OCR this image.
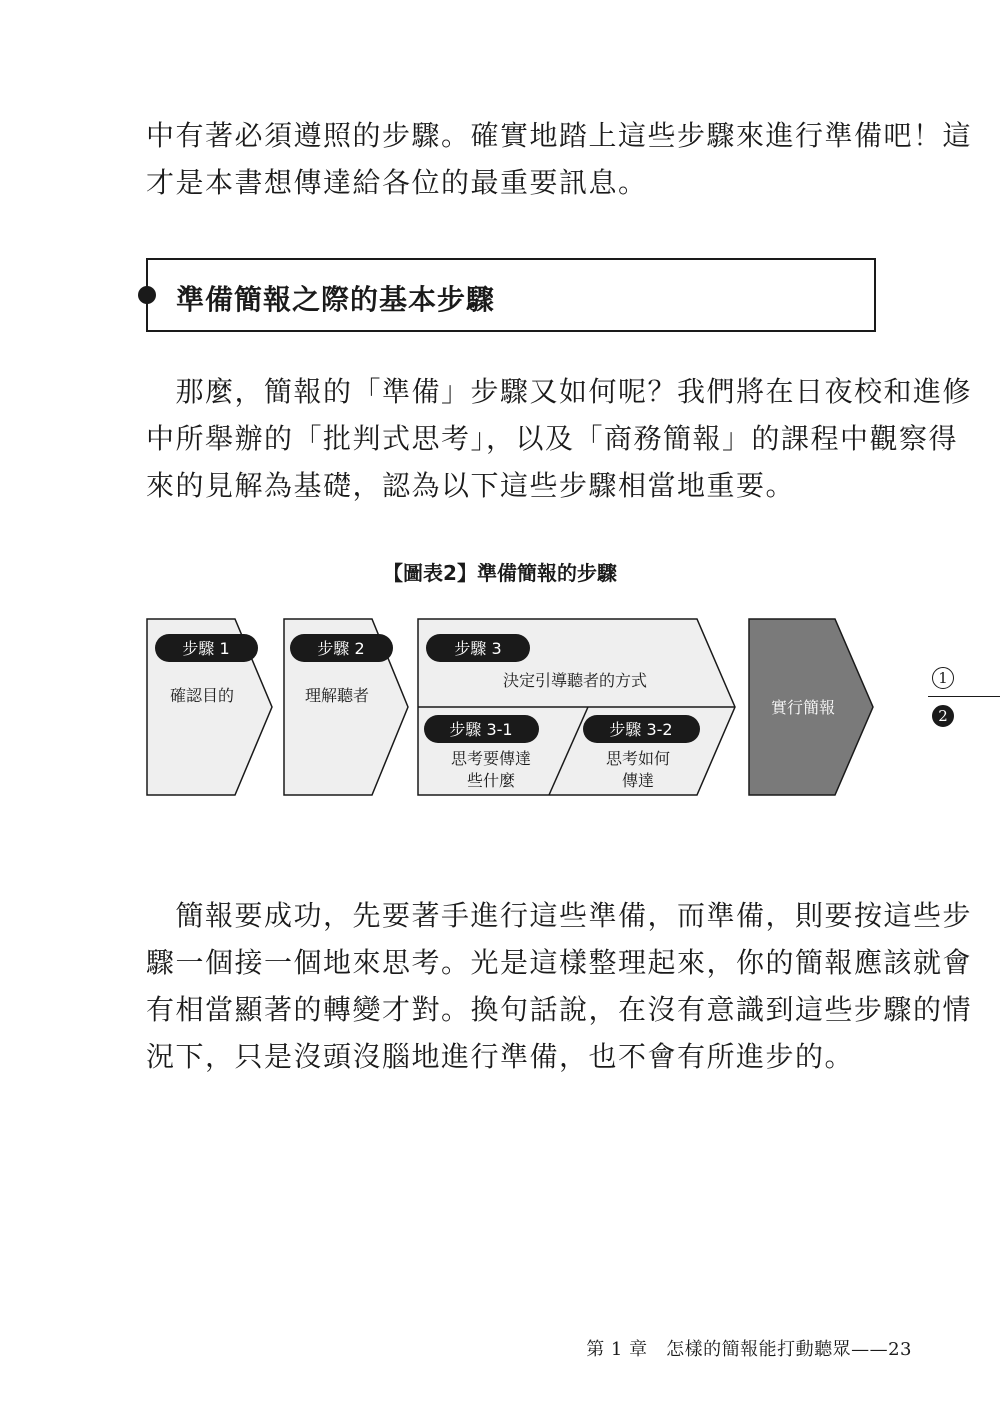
中有著必須遵照的步驟。確實地踏上這些步驟來進行準備吧！這
才是本書想傳達給各位的最重要訊息。
準備簡報之際的基本步驟
　那麼，簡報的「準備」步驟又如何呢？我們將在日夜校和進修
中所舉辦的「批判式思考」，以及「商務簡報」的課程中觀察得
來的見解為基礎，認為以下這些步驟相當地重要。
【圖表2】準備簡報的步驟
步驟 1
確認目的
步驟 2
理解聽者
步驟 3
決定引導聽者的方式
步驟 3-1
思考要傳達
些什麼
步驟 3-2
思考如何
傳達
實行簡報
1
2
　簡報要成功，先要著手進行這些準備，而準備，則要按這些步
驟一個接一個地來思考。光是這樣整理起來，你的簡報應該就會
有相當顯著的轉變才對。換句話說，在沒有意識到這些步驟的情
況下，只是沒頭沒腦地進行準備，也不會有所進步的。
第 1 章　怎樣的簡報能打動聽眾——23
